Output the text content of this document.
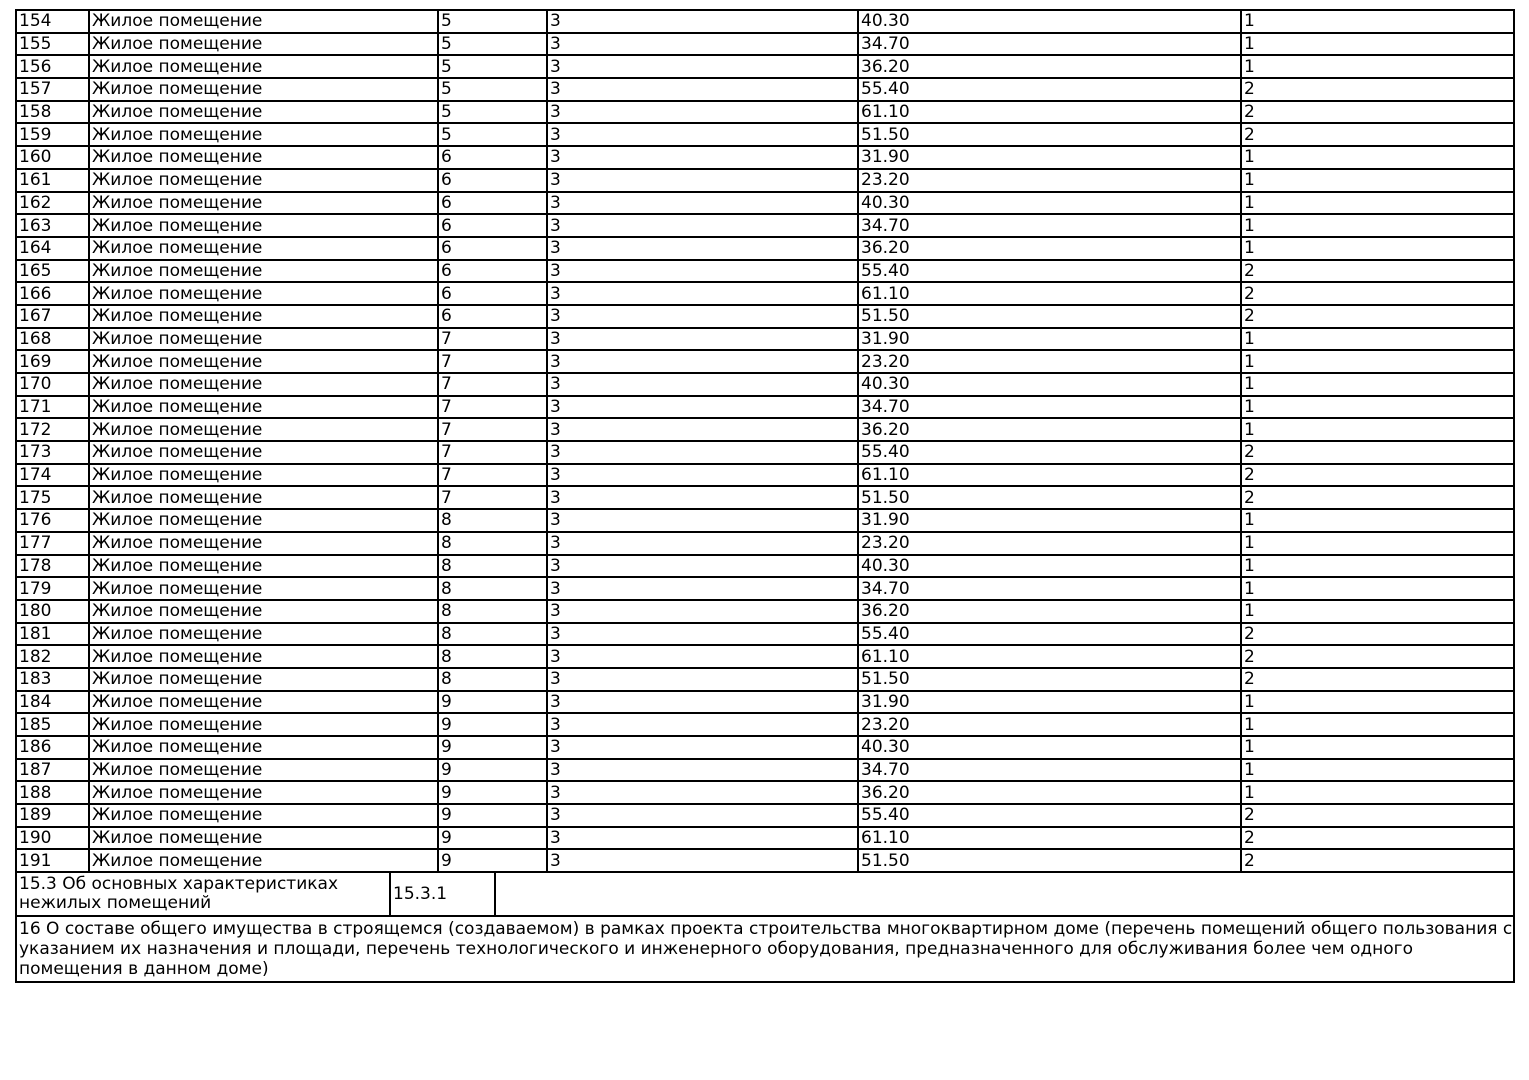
154	Жилое помещение	5	3	40.30	1
155	Жилое помещение	5	3	34.70	1
156	Жилое помещение	5	3	36.20	1
157	Жилое помещение	5	3	55.40	2
158	Жилое помещение	5	3	61.10	2
159	Жилое помещение	5	3	51.50	2
160	Жилое помещение	6	3	31.90	1
161	Жилое помещение	6	3	23.20	1
162	Жилое помещение	6	3	40.30	1
163	Жилое помещение	6	3	34.70	1
164	Жилое помещение	6	3	36.20	1
165	Жилое помещение	6	3	55.40	2
166	Жилое помещение	6	3	61.10	2
167	Жилое помещение	6	3	51.50	2
168	Жилое помещение	7	3	31.90	1
169	Жилое помещение	7	3	23.20	1
170	Жилое помещение	7	3	40.30	1
171	Жилое помещение	7	3	34.70	1
172	Жилое помещение	7	3	36.20	1
173	Жилое помещение	7	3	55.40	2
174	Жилое помещение	7	3	61.10	2
175	Жилое помещение	7	3	51.50	2
176	Жилое помещение	8	3	31.90	1
177	Жилое помещение	8	3	23.20	1
178	Жилое помещение	8	3	40.30	1
179	Жилое помещение	8	3	34.70	1
180	Жилое помещение	8	3	36.20	1
181	Жилое помещение	8	3	55.40	2
182	Жилое помещение	8	3	61.10	2
183	Жилое помещение	8	3	51.50	2
184	Жилое помещение	9	3	31.90	1
185	Жилое помещение	9	3	23.20	1
186	Жилое помещение	9	3	40.30	1
187	Жилое помещение	9	3	34.70	1
188	Жилое помещение	9	3	36.20	1
189	Жилое помещение	9	3	55.40	2
190	Жилое помещение	9	3	61.10	2
191	Жилое помещение	9	3	51.50	2
15.3 Об основных характеристиках нежилых помещений	15.3.1	
16 О составе общего имущества в строящемся (создаваемом) в рамках проекта строительства многоквартирном доме (перечень помещений общего пользования с указанием их назначения и площади, перечень технологического и инженерного оборудования, предназначенного для обслуживания более чем одного помещения в данном доме)
